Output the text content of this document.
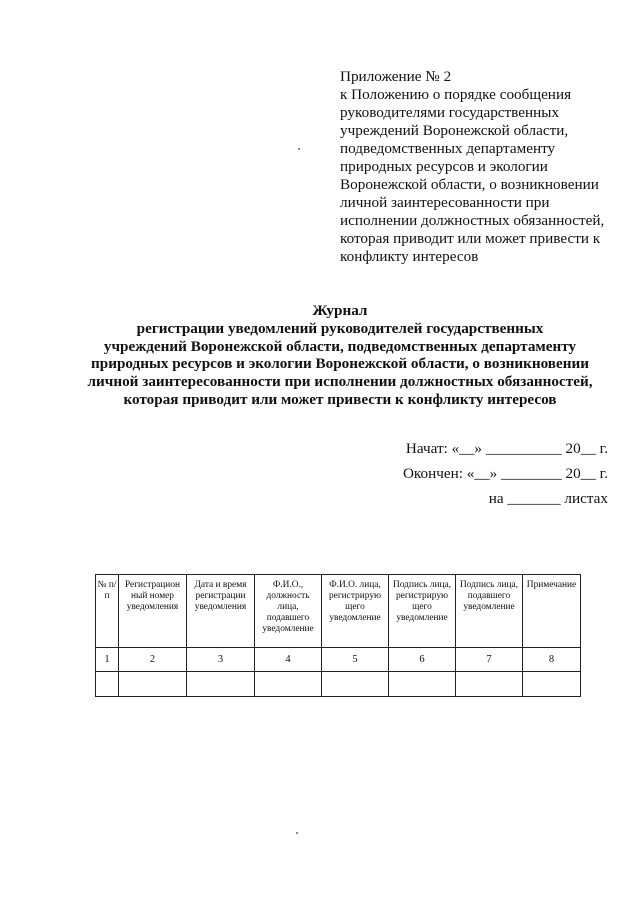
Приложение № 2
к Положению о порядке сообщения
руководителями государственных
учреждений Воронежской области,
подведомственных департаменту
природных ресурсов и экологии
Воронежской области, о возникновении
личной заинтересованности при
исполнении должностных обязанностей,
которая приводит или может привести к
конфликту интересов
Журнал
регистрации уведомлений руководителей государственных
учреждений Воронежской области, подведомственных департаменту
природных ресурсов и экологии Воронежской области, о возникновении
личной заинтересованности при исполнении должностных обязанностей,
которая приводит или может привести к конфликту интересов
Начат: «__» __________ 20__ г.
Окончен: «__» ________ 20__ г.
на _______ листах
№ п/п	Регистрацион ный номер уведомления	Дата и время регистрации уведомления	Ф.И.О., должность лица, подавшего уведомление	Ф.И.О. лица, регистрирую щего уведомление	Подпись лица, регистрирую щего уведомление	Подпись лица, подавшего уведомление	Примечание
1	2	3	4	5	6	7	8
